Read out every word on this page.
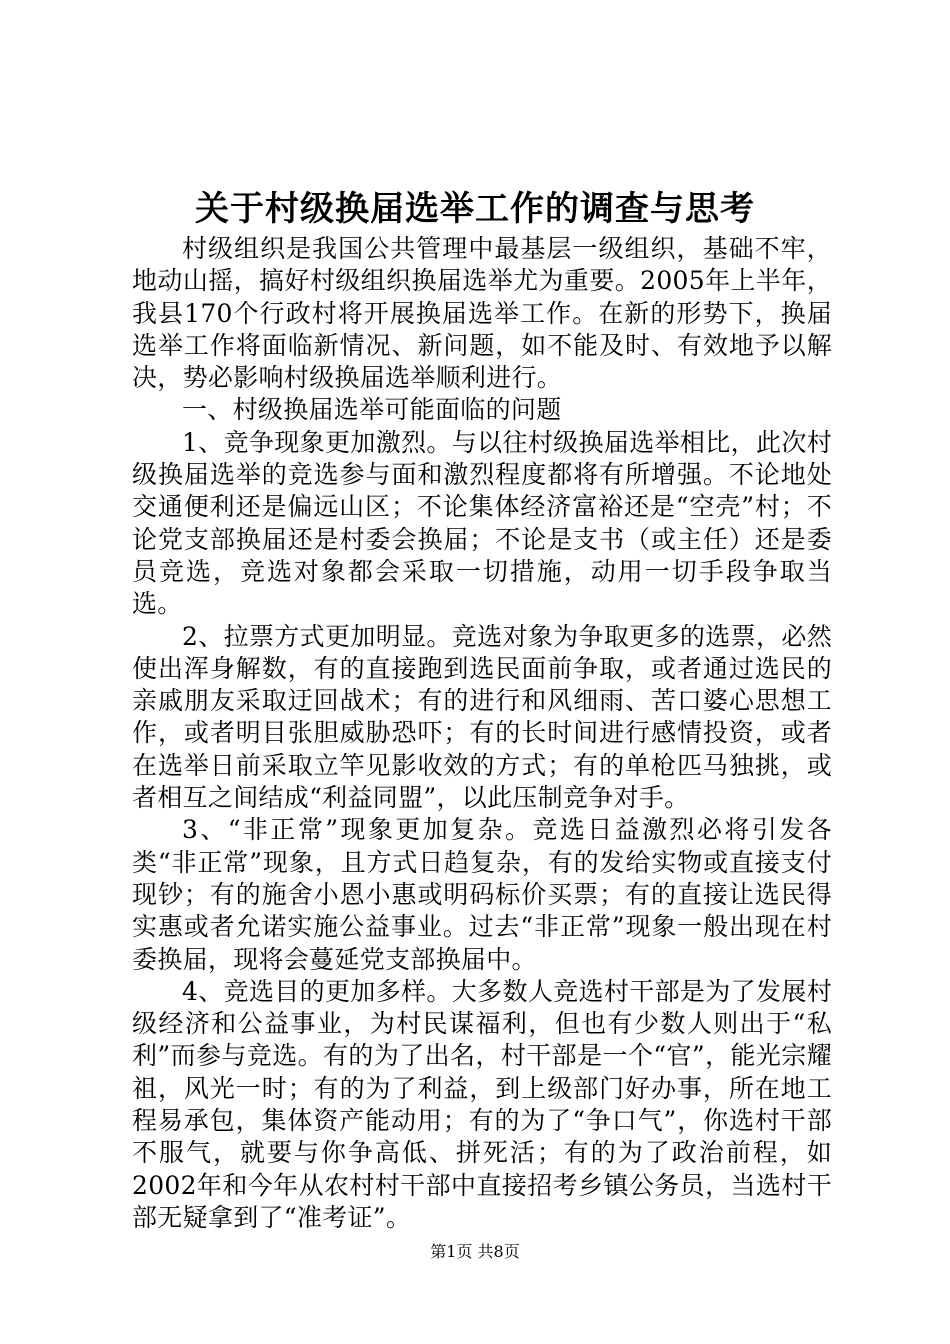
关于村级换届选举工作的调查与思考

村级组织是我国公共管理中最基层一级组织，基础不牢，地动山摇，搞好村级组织换届选举尤为重要。2005年上半年，我县170个行政村将开展换届选举工作。在新的形势下，换届选举工作将面临新情况、新问题，如不能及时、有效地予以解决，势必影响村级换届选举顺利进行。

一、村级换届选举可能面临的问题

1、竞争现象更加激烈。与以往村级换届选举相比，此次村级换届选举的竞选参与面和激烈程度都将有所增强。不论地处交通便利还是偏远山区；不论集体经济富裕还是“空壳”村；不论党支部换届还是村委会换届；不论是支书（或主任）还是委员竞选，竞选对象都会采取一切措施，动用一切手段争取当选。

2、拉票方式更加明显。竞选对象为争取更多的选票，必然使出浑身解数，有的直接跑到选民面前争取，或者通过选民的亲戚朋友采取迂回战术；有的进行和风细雨、苦口婆心思想工作，或者明目张胆威胁恐吓；有的长时间进行感情投资，或者在选举日前采取立竿见影收效的方式；有的单枪匹马独挑，或者相互之间结成“利益同盟”，以此压制竞争对手。

3、“非正常”现象更加复杂。竞选日益激烈必将引发各类“非正常”现象，且方式日趋复杂，有的发给实物或直接支付现钞；有的施舍小恩小惠或明码标价买票；有的直接让选民得实惠或者允诺实施公益事业。过去“非正常”现象一般出现在村委换届，现将会蔓延党支部换届中。

4、竞选目的更加多样。大多数人竞选村干部是为了发展村级经济和公益事业，为村民谋福利，但也有少数人则出于“私利”而参与竞选。有的为了出名，村干部是一个“官”，能光宗耀祖，风光一时；有的为了利益，到上级部门好办事，所在地工程易承包，集体资产能动用；有的为了“争口气”，你选村干部不服气，就要与你争高低、拼死活；有的为了政治前程，如2002年和今年从农村村干部中直接招考乡镇公务员，当选村干部无疑拿到了“准考证”。

第1页 共8页
